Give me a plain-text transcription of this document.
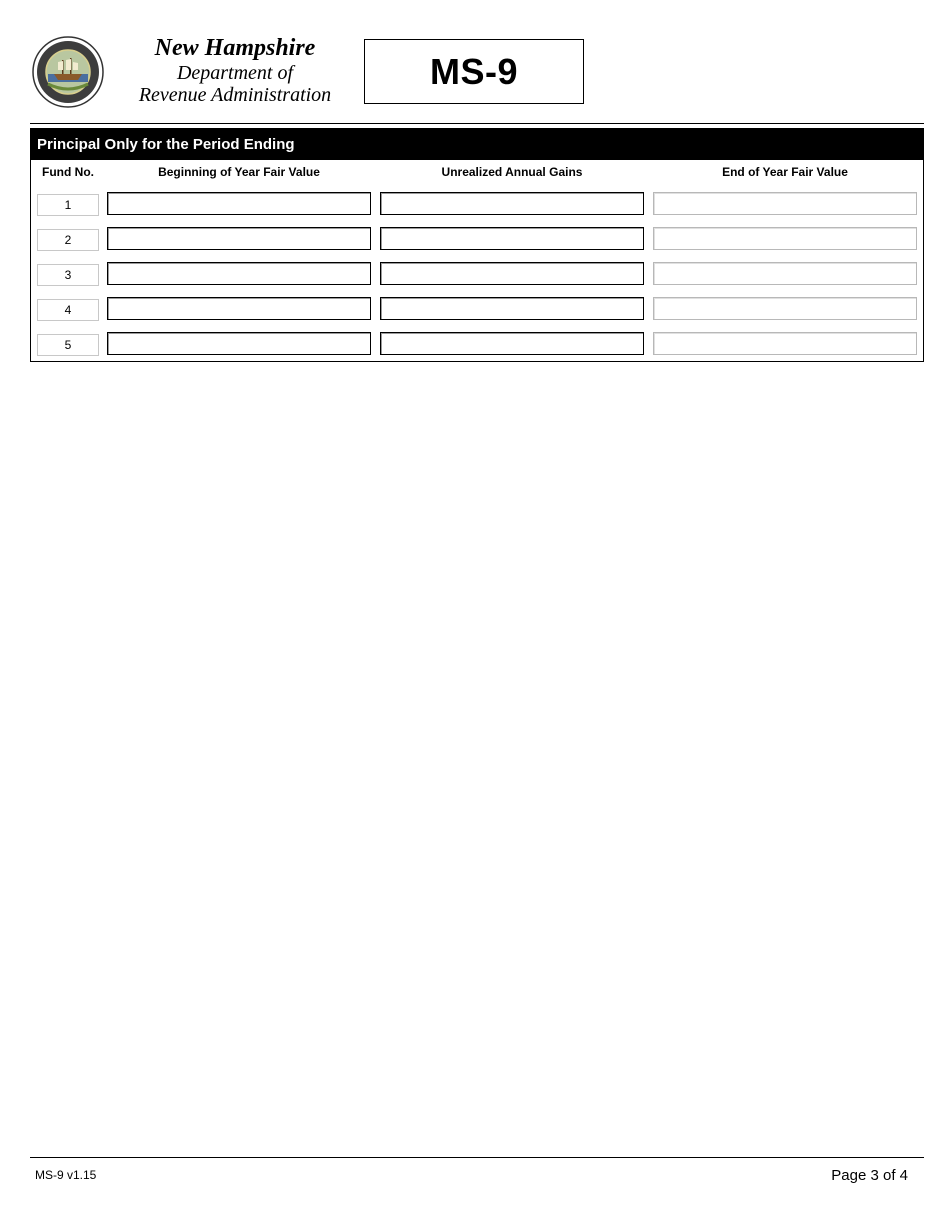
New Hampshire
Department of
Revenue Administration
MS-9
Principal Only for the Period Ending
Fund No.	Beginning of Year Fair Value	Unrealized Annual Gains	End of Year Fair Value
1
2
3
4
5
MS-9 v1.15	Page 3 of 4
